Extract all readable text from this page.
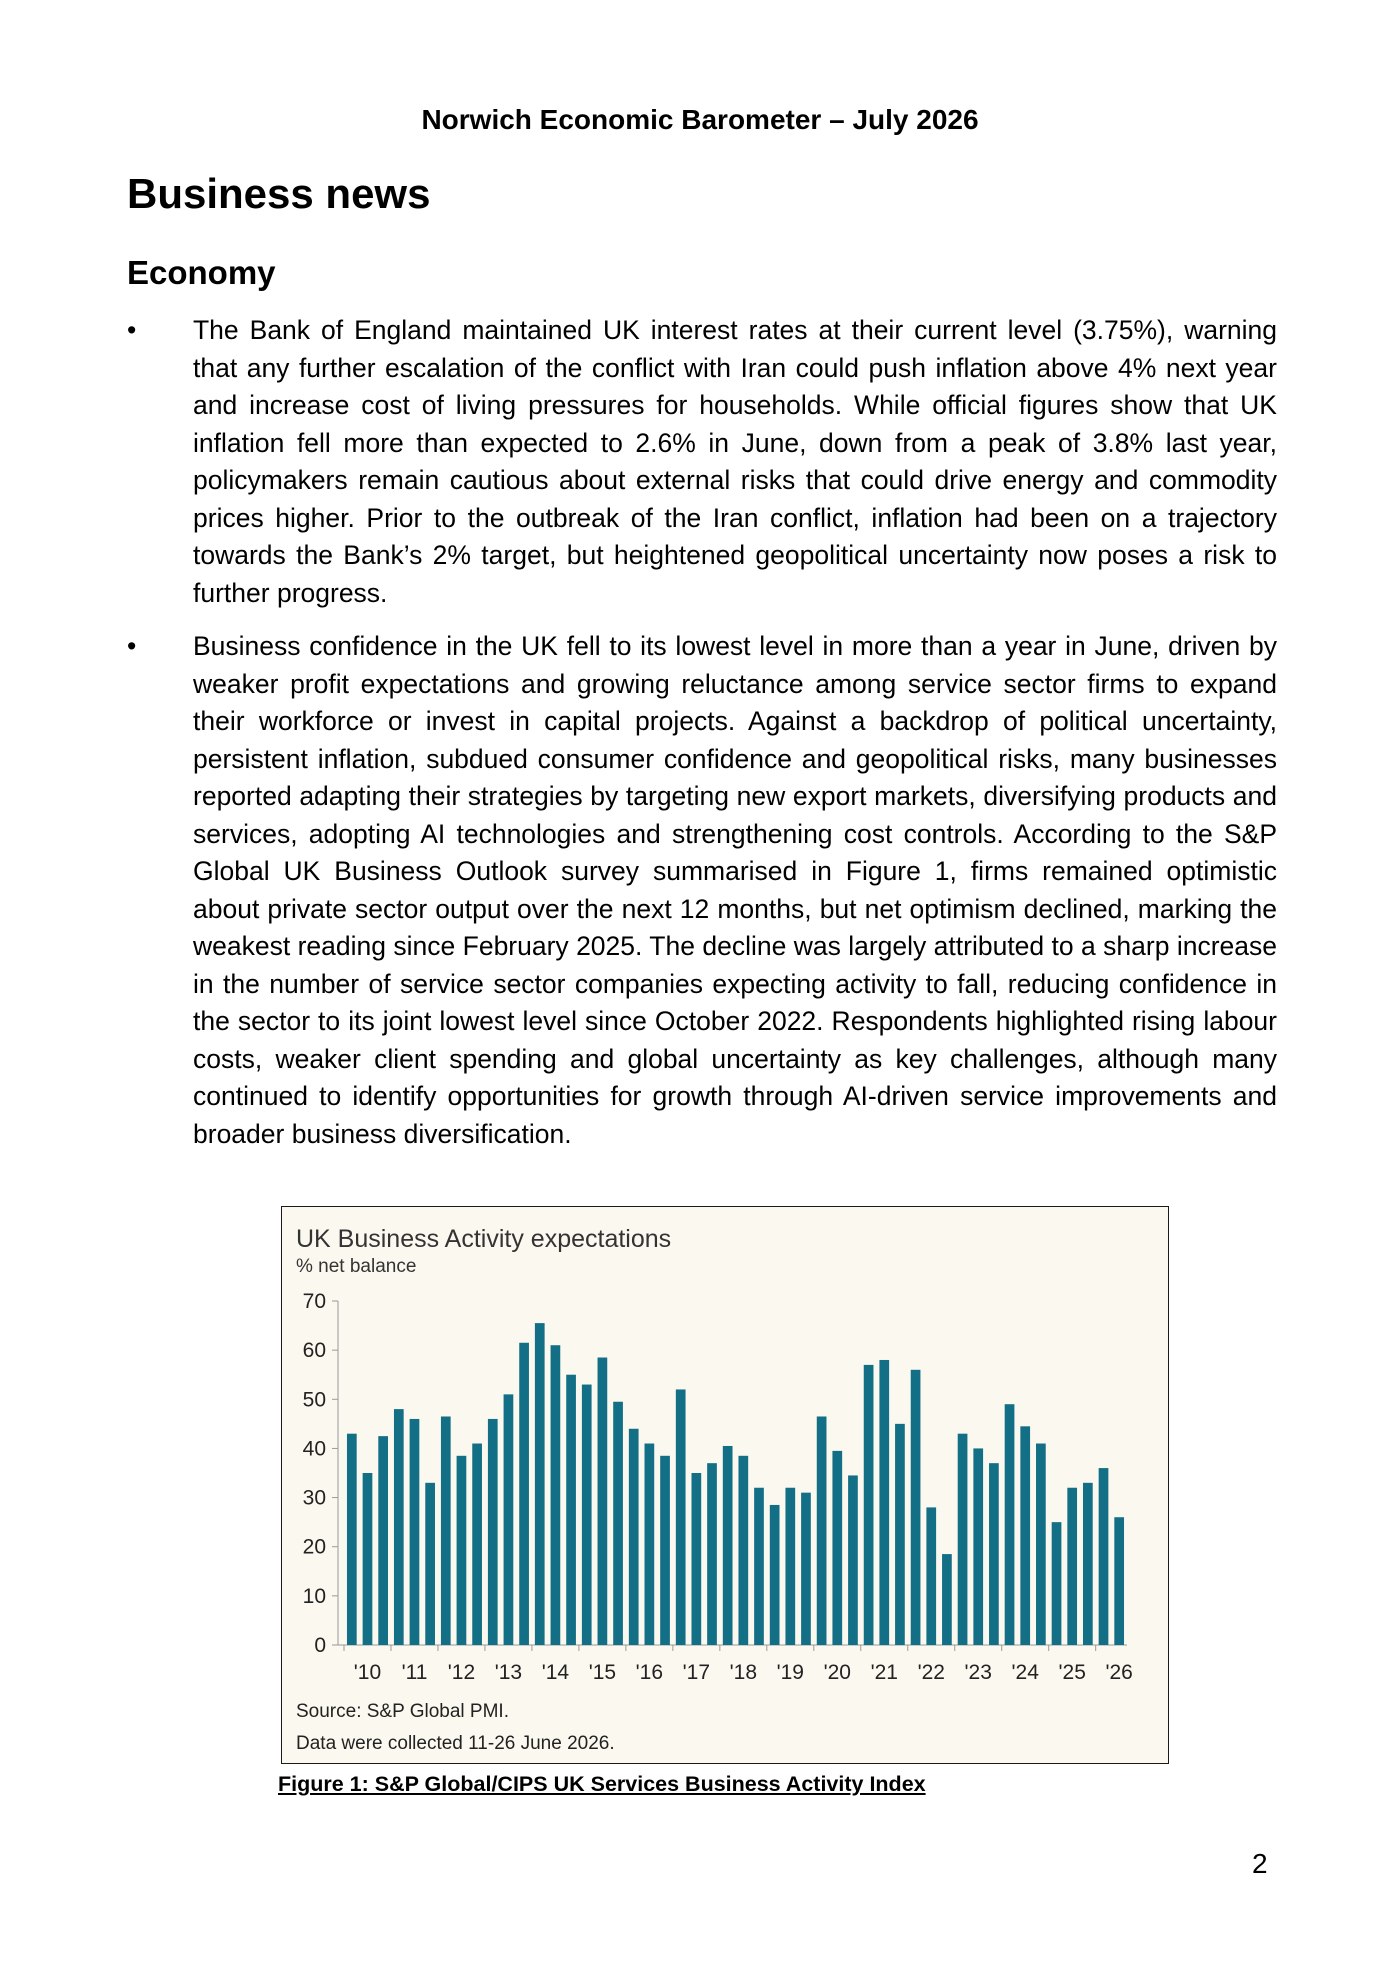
Norwich Economic Barometer – July 2026
Business news
Economy
•	The Bank of England maintained UK interest rates at their current level (3.75%), warning that any further escalation of the conflict with Iran could push inflation above 4% next year and increase cost of living pressures for households. While official figures show that UK inflation fell more than expected to 2.6% in June, down from a peak of 3.8% last year, policymakers remain cautious about external risks that could drive energy and commodity prices higher. Prior to the outbreak of the Iran conflict, inflation had been on a trajectory towards the Bank’s 2% target, but heightened geopolitical uncertainty now poses a risk to further progress.
•	Business confidence in the UK fell to its lowest level in more than a year in June, driven by weaker profit expectations and growing reluctance among service sector firms to expand their workforce or invest in capital projects. Against a backdrop of political uncertainty, persistent inflation, subdued consumer confidence and geopolitical risks, many businesses reported adapting their strategies by targeting new export markets, diversifying products and services, adopting AI technologies and strengthening cost controls. According to the S&P Global UK Business Outlook survey summarised in Figure 1, firms remained optimistic about private sector output over the next 12 months, but net optimism declined, marking the weakest reading since February 2025. The decline was largely attributed to a sharp increase in the number of service sector companies expecting activity to fall, reducing confidence in the sector to its joint lowest level since October 2022. Respondents highlighted rising labour costs, weaker client spending and global uncertainty as key challenges, although many continued to identify opportunities for growth through AI-driven service improvements and broader business diversification.
UK Business Activity expectations
% net balance
0
10
20
30
40
50
60
70
'10 '11 '12 '13 '14 '15 '16 '17 '18 '19 '20 '21 '22 '23 '24 '25 '26
Source: S&P Global PMI.
Data were collected 11-26 June 2026.
Figure 1: S&P Global/CIPS UK Services Business Activity Index
2
